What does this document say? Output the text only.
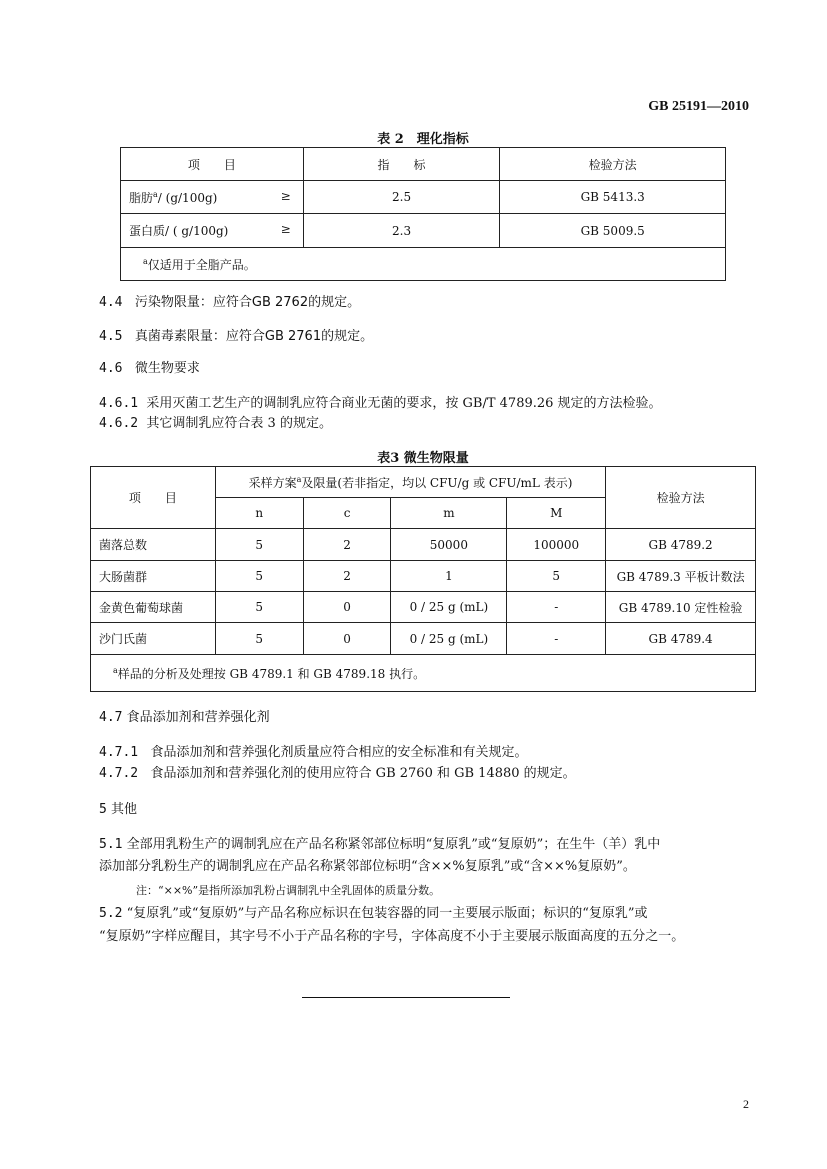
GB 25191—2010
表 2　理化指标
项　　目	指　　标	检验方法
脂肪$^a$/ (g/100g) ≥	2.5	GB 5413.3
蛋白质/ ( g/100g) ≥	2.3	GB 5009.5
$^a$仅适用于全脂产品。		
4.4 污染物限量：应符合GB 2762的规定。
4.5 真菌毒素限量：应符合GB 2761的规定。
4.6 微生物要求
4.6.1 采用灭菌工艺生产的调制乳应符合商业无菌的要求，按 GB/T 4789.26 规定的方法检验。
4.6.2 其它调制乳应符合表 3 的规定。
表3 微生物限量
项　　目	采样方案$^a$及限量(若非指定，均以 CFU/g 或 CFU/mL 表示)				检验方法
	n	c	m	M	
菌落总数	5	2	50000	100000	GB 4789.2
大肠菌群	5	2	1	5	GB 4789.3 平板计数法
金黄色葡萄球菌	5	0	0 / 25 g (mL)	-	GB 4789.10 定性检验
沙门氏菌	5	0	0 / 25 g (mL)	-	GB 4789.4
$^a$样品的分析及处理按 GB 4789.1 和 GB 4789.18 执行。					
4.7 食品添加剂和营养强化剂
4.7.1 食品添加剂和营养强化剂质量应符合相应的安全标准和有关规定。
4.7.2 食品添加剂和营养强化剂的使用应符合 GB 2760 和 GB 14880 的规定。
5 其他
5.1 全部用乳粉生产的调制乳应在产品名称紧邻部位标明“复原乳”或“复原奶”；在生牛（羊）乳中
添加部分乳粉生产的调制乳应在产品名称紧邻部位标明“含××%复原乳”或“含××%复原奶”。
注：“××%”是指所添加乳粉占调制乳中全乳固体的质量分数。
5.2 “复原乳”或“复原奶”与产品名称应标识在包装容器的同一主要展示版面；标识的“复原乳”或
“复原奶”字样应醒目，其字号不小于产品名称的字号，字体高度不小于主要展示版面高度的五分之一。
2
